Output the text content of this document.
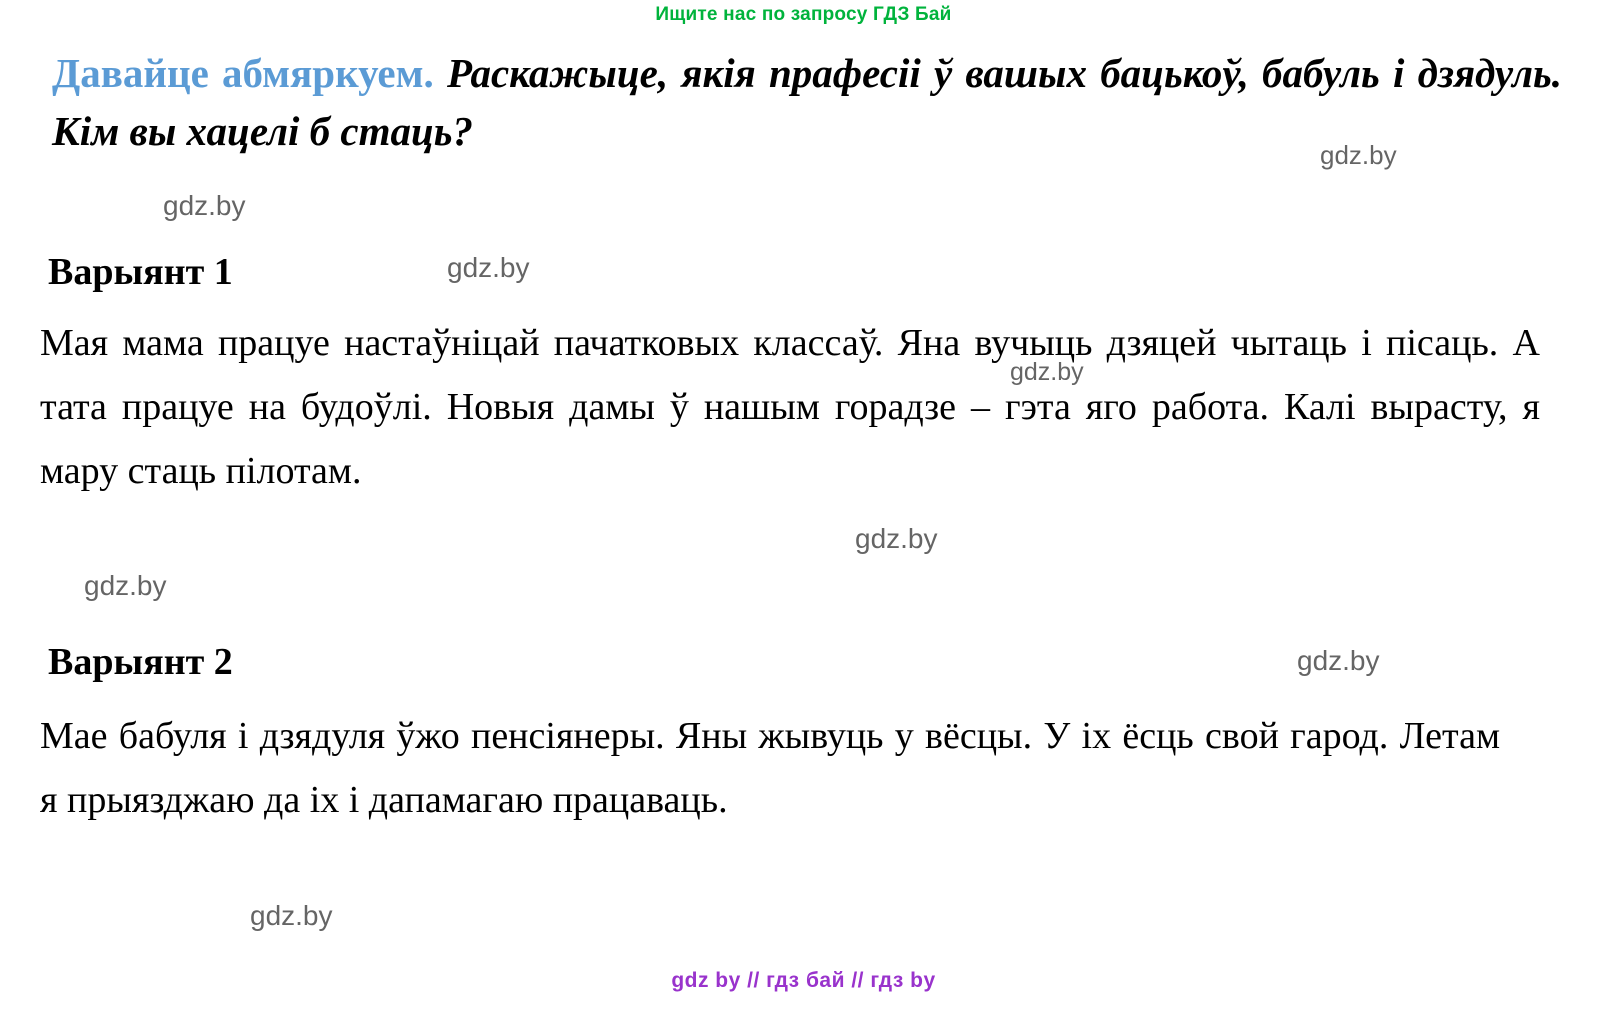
Ищите нас по запросу ГДЗ Бай
Давайце абмяркуем. Раскажыце, якія прафесіі ў вашых бацькоў, бабуль і дзядуль. Кім вы хацелі б стаць?
Варыянт 1
Мая мама працуе настаўніцай пачатковых классаў. Яна вучыць дзяцей чытаць і пісаць. А тата працуе на будоўлі. Новыя дамы ў нашым горадзе – гэта яго работа. Калі вырасту, я мару стаць пілотам.
Варыянт 2
Мае бабуля і дзядуля ўжо пенсіянеры. Яны жывуць у вёсцы. У іх ёсць свой гарод. Летам я прыязджаю да іх і дапамагаю працаваць.
gdz.by
gdz.by
gdz.by
gdz.by
gdz.by
gdz.by
gdz.by
gdz.by
gdz by // гдз бай // гдз by
